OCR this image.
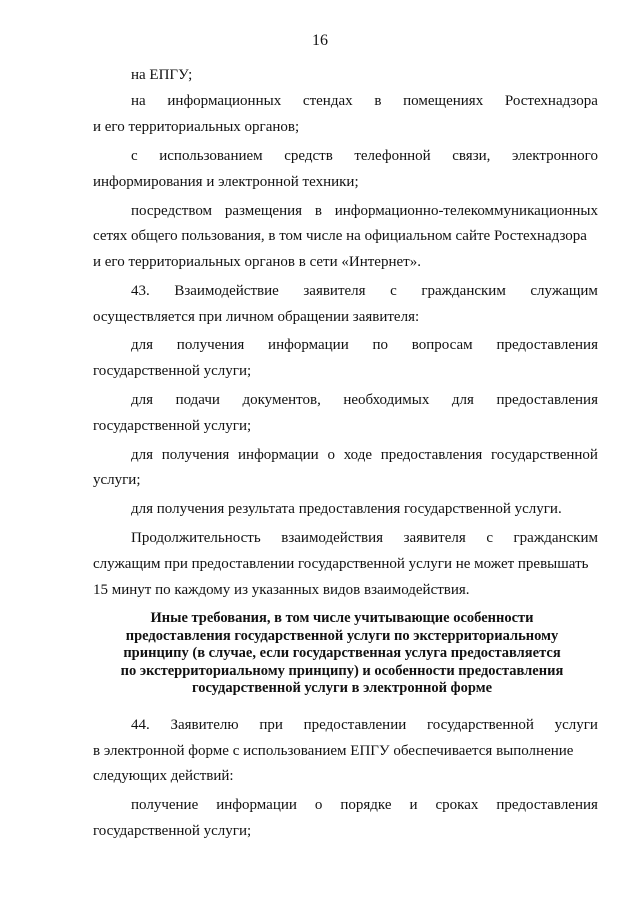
16
на ЕПГУ;
на информационных стендах в помещениях Ростехнадзора
и его территориальных органов;
с использованием средств телефонной связи, электронного
информирования и электронной техники;
посредством размещения в информационно-телекоммуникационных
сетях общего пользования, в том числе на официальном сайте Ростехнадзора
и его территориальных органов в сети «Интернет».
43. Взаимодействие заявителя с гражданским служащим
осуществляется при личном обращении заявителя:
для получения информации по вопросам предоставления
государственной услуги;
для подачи документов, необходимых для предоставления
государственной услуги;
для получения информации о ходе предоставления государственной
услуги;
для получения результата предоставления государственной услуги.
Продолжительность взаимодействия заявителя с гражданским
служащим при предоставлении государственной услуги не может превышать
15 минут по каждому из указанных видов взаимодействия.
Иные требования, в том числе учитывающие особенности
предоставления государственной услуги по экстерриториальному
принципу (в случае, если государственная услуга предоставляется
по экстерриториальному принципу) и особенности предоставления
государственной услуги в электронной форме
44. Заявителю при предоставлении государственной услуги
в электронной форме с использованием ЕПГУ обеспечивается выполнение
следующих действий:
получение информации о порядке и сроках предоставления
государственной услуги;
